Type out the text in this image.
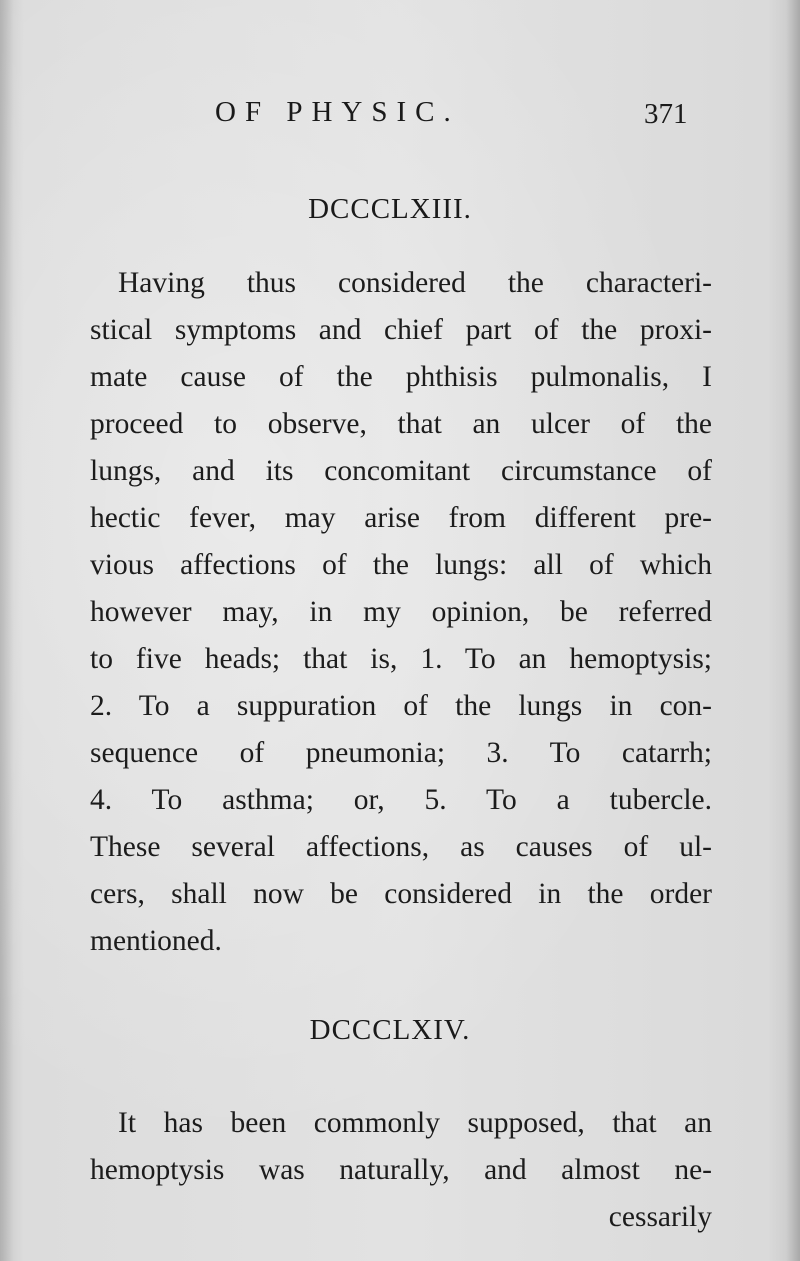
OF PHYSIC.	371
DCCCLXIII.
Having thus considered the characteri-
stical symptoms and chief part of the proxi-
mate cause of the phthisis pulmonalis, I
proceed to observe, that an ulcer of the
lungs, and its concomitant circumstance of
hectic fever, may arise from different pre-
vious affections of the lungs: all of which
however may, in my opinion, be referred
to five heads; that is, 1. To an hemoptysis;
2. To a suppuration of the lungs in con-
sequence of pneumonia; 3. To catarrh;
4. To asthma; or, 5. To a tubercle.
These several affections, as causes of ul-
cers, shall now be considered in the order
mentioned.
DCCCLXIV.
It has been commonly supposed, that an
hemoptysis was naturally, and almost ne-
cessarily
